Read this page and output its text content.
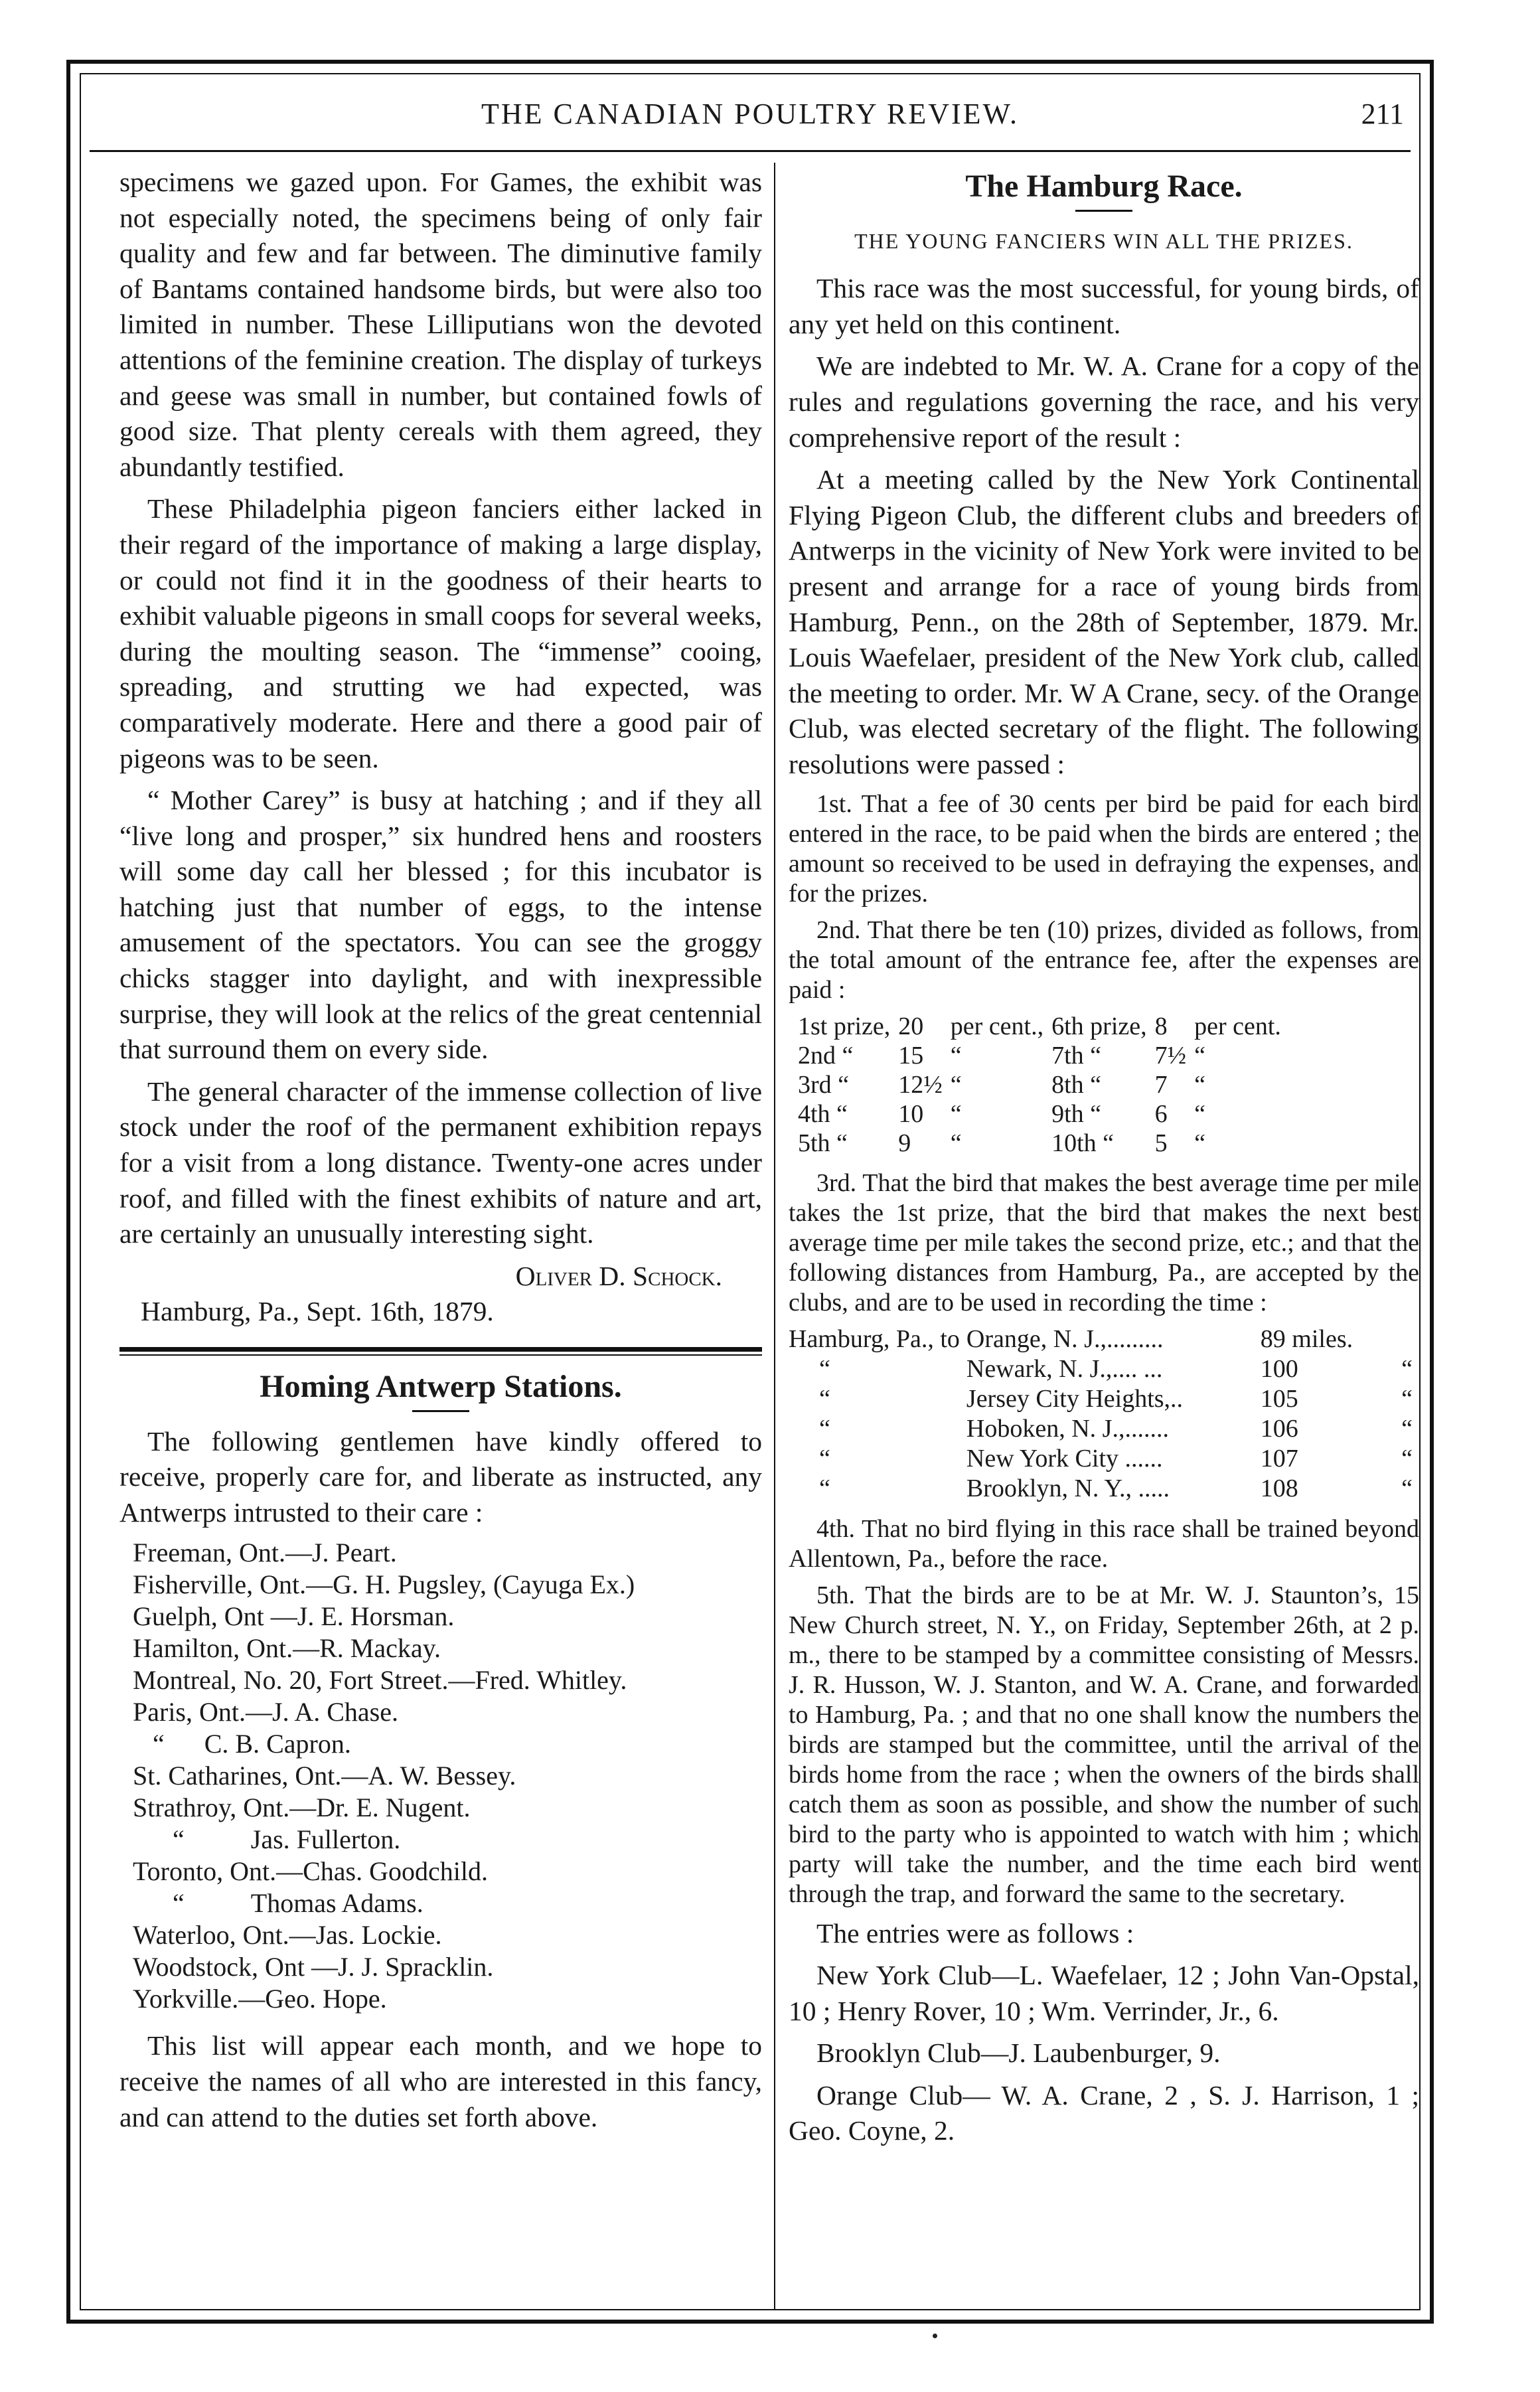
THE CANADIAN POULTRY REVIEW.	211

specimens we gazed upon. For Games, the exhibit was not especially noted, the specimens being of only fair quality and few and far between. The diminutive family of Bantams contained handsome birds, but were also too limited in number. These Lilliputians won the devoted attentions of the feminine creation. The display of turkeys and geese was small in number, but contained fowls of good size. That plenty cereals with them agreed, they abundantly testified.

These Philadelphia pigeon fanciers either lacked in their regard of the importance of making a large display, or could not find it in the goodness of their hearts to exhibit valuable pigeons in small coops for several weeks, during the moulting season. The “immense” cooing, spreading, and strutting we had expected, was comparatively moderate. Here and there a good pair of pigeons was to be seen.

“ Mother Carey” is busy at hatching ; and if they all “live long and prosper,” six hundred hens and roosters will some day call her blessed ; for this incubator is hatching just that number of eggs, to the intense amusement of the spectators. You can see the groggy chicks stagger into daylight, and with inexpressible surprise, they will look at the relics of the great centennial that surround them on every side.

The general character of the immense collection of live stock under the roof of the permanent exhibition repays for a visit from a long distance. Twenty-one acres under roof, and filled with the finest exhibits of nature and art, are certainly an unusually interesting sight.

Oliver D. Schock.
Hamburg, Pa., Sept. 16th, 1879.
Homing Antwerp Stations.

The following gentlemen have kindly offered to receive, properly care for, and liberate as instructed, any Antwerps intrusted to their care :

Freeman, Ont.—J. Peart.
Fisherville, Ont.—G. H. Pugsley, (Cayuga Ex.)
Guelph, Ont —J. E. Horsman.
Hamilton, Ont.—R. Mackay.
Montreal, No. 20, Fort Street.—Fred. Whitley.
Paris, Ont.—J. A. Chase.
“      C. B. Capron.
St. Catharines, Ont.—A. W. Bessey.
Strathroy, Ont.—Dr. E. Nugent.
“          Jas. Fullerton.
Toronto, Ont.—Chas. Goodchild.
“          Thomas Adams.
Waterloo, Ont.—Jas. Lockie.
Woodstock, Ont —J. J. Spracklin.
Yorkville.—Geo. Hope.

This list will appear each month, and we hope to receive the names of all who are interested in this fancy, and can attend to the duties set forth above.

The Hamburg Race.
THE YOUNG FANCIERS WIN ALL THE PRIZES.

This race was the most successful, for young birds, of any yet held on this continent.

We are indebted to Mr. W. A. Crane for a copy of the rules and regulations governing the race, and his very comprehensive report of the result :

At a meeting called by the New York Continental Flying Pigeon Club, the different clubs and breeders of Antwerps in the vicinity of New York were invited to be present and arrange for a race of young birds from Hamburg, Penn., on the 28th of September, 1879. Mr. Louis Waefelaer, president of the New York club, called the meeting to order. Mr. W A Crane, secy. of the Orange Club, was elected secretary of the flight. The following resolutions were passed :

1st. That a fee of 30 cents per bird be paid for each bird entered in the race, to be paid when the birds are entered ; the amount so received to be used in defraying the expenses, and for the prizes.

2nd. That there be ten (10) prizes, divided as follows, from the total amount of the entrance fee, after the expenses are paid :

1st prize,	20	per cent.,	6th prize,	8	per cent.
2nd “	15	“	7th “	7½	“
3rd “	12½	“	8th “	7	“
4th “	10	“	9th “	6	“
5th “	9	“	10th “	5	“

3rd. That the bird that makes the best average time per mile takes the 1st prize, that the bird that makes the next best average time per mile takes the second prize, etc.; and that the following distances from Hamburg, Pa., are accepted by the clubs, and are to be used in recording the time :

Hamburg, Pa., to	Orange, N. J.,.........	89 miles.	
“	Newark, N. J.,.... ...	100	“
“	Jersey City Heights,..	105	“
“	Hoboken, N. J.,.......	106	“
“	New York City ......	107	“
“	Brooklyn, N. Y., .....	108	“

4th. That no bird flying in this race shall be trained beyond Allentown, Pa., before the race.

5th. That the birds are to be at Mr. W. J. Staunton’s, 15 New Church street, N. Y., on Friday, September 26th, at 2 p. m., there to be stamped by a committee consisting of Messrs. J. R. Husson, W. J. Stanton, and W. A. Crane, and forwarded to Hamburg, Pa. ; and that no one shall know the numbers the birds are stamped but the committee, until the arrival of the birds home from the race ; when the owners of the birds shall catch them as soon as possible, and show the number of such bird to the party who is appointed to watch with him ; which party will take the number, and the time each bird went through the trap, and forward the same to the secretary.

The entries were as follows :

New York Club—L. Waefelaer, 12 ; John Van-Opstal, 10 ; Henry Rover, 10 ; Wm. Verrinder, Jr., 6.

Brooklyn Club—J. Laubenburger, 9.

Orange Club— W. A. Crane, 2 , S. J. Harrison, 1 ; Geo. Coyne, 2.
